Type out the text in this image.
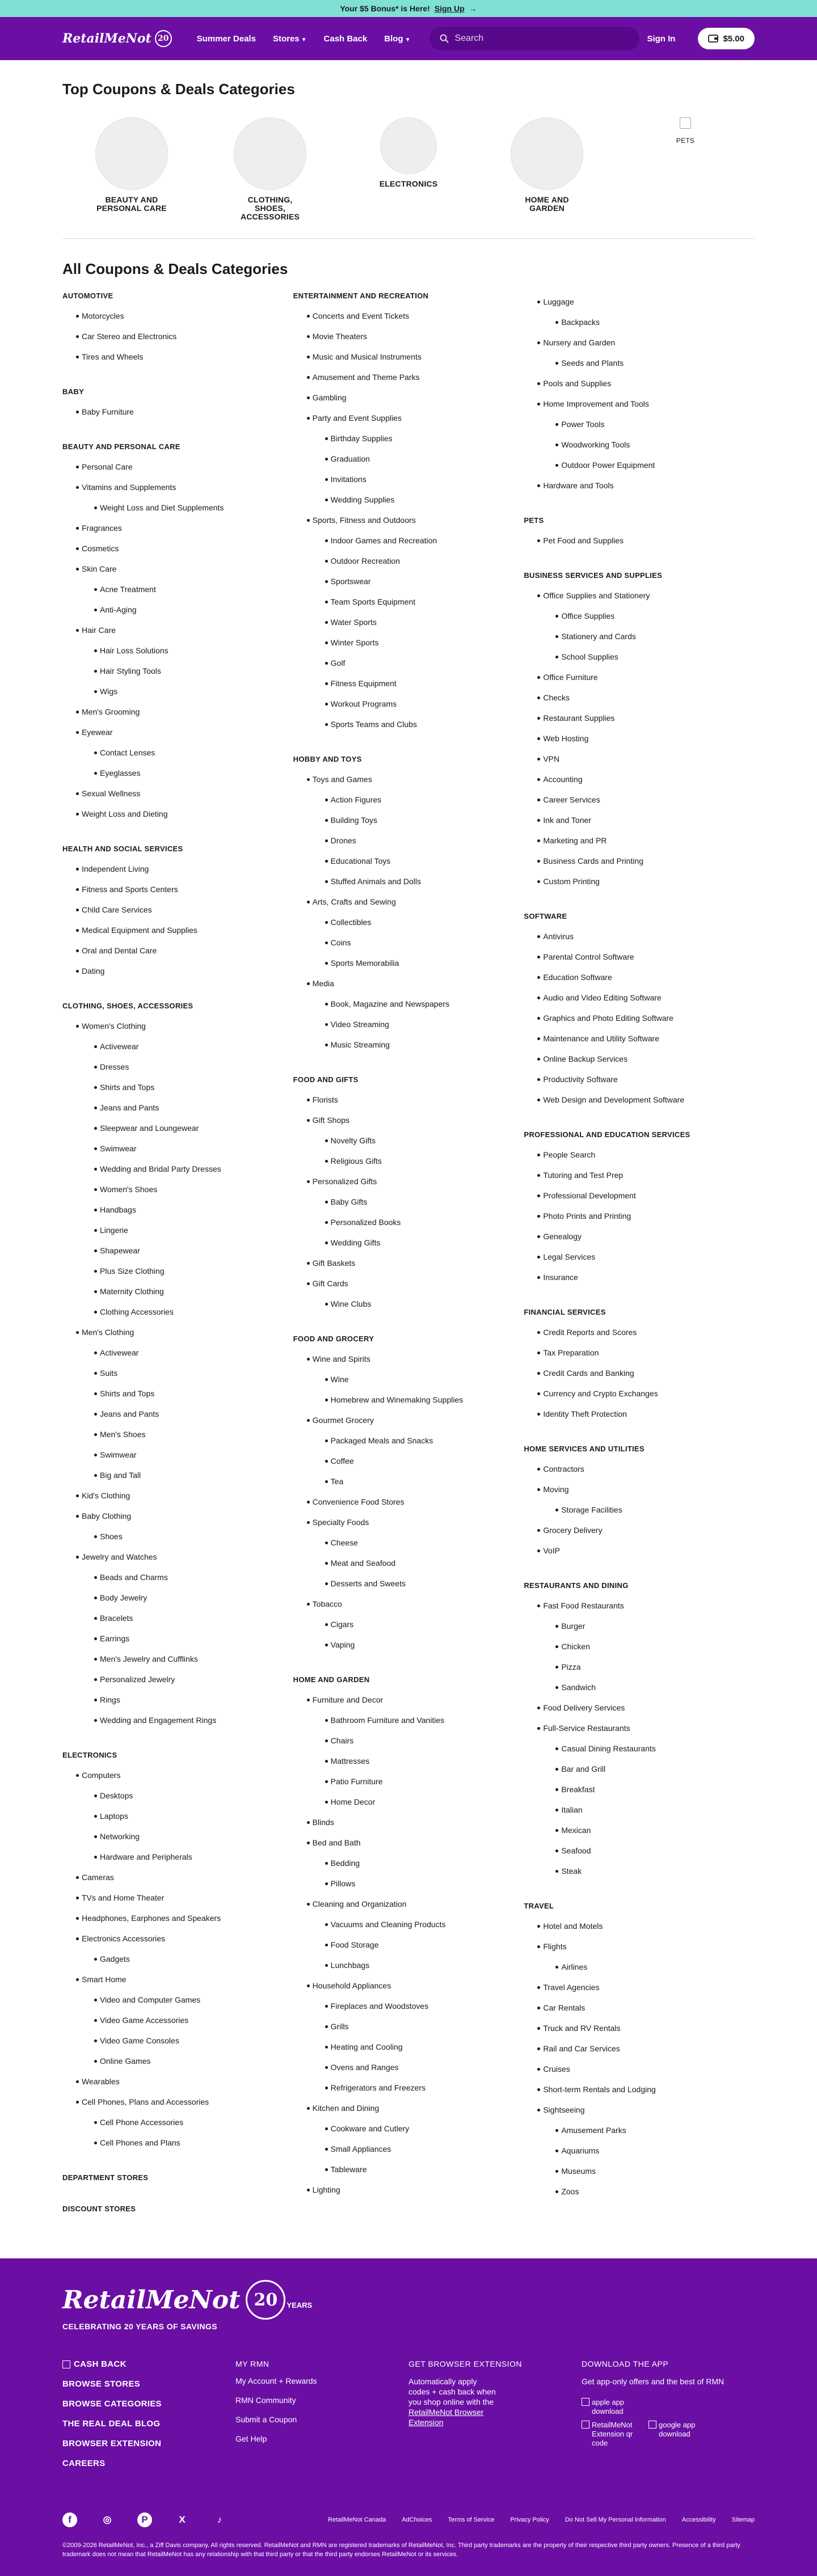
Your $5 Bonus* is Here! Sign Up →
RetailMeNot 20	Summer Deals Stores ▼ Cash Back Blog ▼
Search	Sign In	$5.00
Top Coupons & Deals Categories
BEAUTY AND PERSONAL CARE
CLOTHING, SHOES, ACCESSORIES
ELECTRONICS
HOME AND GARDEN
PETS
All Coupons & Deals Categories
AUTOMOTIVE
Motorcycles
Car Stereo and Electronics
Tires and Wheels
BABY
Baby Furniture
BEAUTY AND PERSONAL CARE
Personal Care
Vitamins and Supplements
Weight Loss and Diet Supplements
Fragrances
Cosmetics
Skin Care
Acne Treatment
Anti-Aging
Hair Care
Hair Loss Solutions
Hair Styling Tools
Wigs
Men's Grooming
Eyewear
Contact Lenses
Eyeglasses
Sexual Wellness
Weight Loss and Dieting
HEALTH AND SOCIAL SERVICES
Independent Living
Fitness and Sports Centers
Child Care Services
Medical Equipment and Supplies
Oral and Dental Care
Dating
CLOTHING, SHOES, ACCESSORIES
Women's Clothing
Activewear
Dresses
Shirts and Tops
Jeans and Pants
Sleepwear and Loungewear
Swimwear
Wedding and Bridal Party Dresses
Women's Shoes
Handbags
Lingerie
Shapewear
Plus Size Clothing
Maternity Clothing
Clothing Accessories
Men's Clothing
Activewear
Suits
Shirts and Tops
Jeans and Pants
Men's Shoes
Swimwear
Big and Tall
Kid's Clothing
Baby Clothing
Shoes
Jewelry and Watches
Beads and Charms
Body Jewelry
Bracelets
Earrings
Men's Jewelry and Cufflinks
Personalized Jewelry
Rings
Wedding and Engagement Rings
ELECTRONICS
Computers
Desktops
Laptops
Networking
Hardware and Peripherals
Cameras
TVs and Home Theater
Headphones, Earphones and Speakers
Electronics Accessories
Gadgets
Smart Home
Video and Computer Games
Video Game Accessories
Video Game Consoles
Online Games
Wearables
Cell Phones, Plans and Accessories
Cell Phone Accessories
Cell Phones and Plans
DEPARTMENT STORES
DISCOUNT STORES
ENTERTAINMENT AND RECREATION
Concerts and Event Tickets
Movie Theaters
Music and Musical Instruments
Amusement and Theme Parks
Gambling
Party and Event Supplies
Birthday Supplies
Graduation
Invitations
Wedding Supplies
Sports, Fitness and Outdoors
Indoor Games and Recreation
Outdoor Recreation
Sportswear
Team Sports Equipment
Water Sports
Winter Sports
Golf
Fitness Equipment
Workout Programs
Sports Teams and Clubs
HOBBY AND TOYS
Toys and Games
Action Figures
Building Toys
Drones
Educational Toys
Stuffed Animals and Dolls
Arts, Crafts and Sewing
Collectibles
Coins
Sports Memorabilia
Media
Book, Magazine and Newspapers
Video Streaming
Music Streaming
FOOD AND GIFTS
Florists
Gift Shops
Novelty Gifts
Religious Gifts
Personalized Gifts
Baby Gifts
Personalized Books
Wedding Gifts
Gift Baskets
Gift Cards
Wine Clubs
FOOD AND GROCERY
Wine and Spirits
Wine
Homebrew and Winemaking Supplies
Gourmet Grocery
Packaged Meals and Snacks
Coffee
Tea
Convenience Food Stores
Specialty Foods
Cheese
Meat and Seafood
Desserts and Sweets
Tobacco
Cigars
Vaping
HOME AND GARDEN
Furniture and Decor
Bathroom Furniture and Vanities
Chairs
Mattresses
Patio Furniture
Home Decor
Blinds
Bed and Bath
Bedding
Pillows
Cleaning and Organization
Vacuums and Cleaning Products
Food Storage
Lunchbags
Household Appliances
Fireplaces and Woodstoves
Grills
Heating and Cooling
Ovens and Ranges
Refrigerators and Freezers
Kitchen and Dining
Cookware and Cutlery
Small Appliances
Tableware
Lighting
Luggage
Backpacks
Nursery and Garden
Seeds and Plants
Pools and Supplies
Home Improvement and Tools
Power Tools
Woodworking Tools
Outdoor Power Equipment
Hardware and Tools
PETS
Pet Food and Supplies
BUSINESS SERVICES AND SUPPLIES
Office Supplies and Stationery
Office Supplies
Stationery and Cards
School Supplies
Office Furniture
Checks
Restaurant Supplies
Web Hosting
VPN
Accounting
Career Services
Ink and Toner
Marketing and PR
Business Cards and Printing
Custom Printing
SOFTWARE
Antivirus
Parental Control Software
Education Software
Audio and Video Editing Software
Graphics and Photo Editing Software
Maintenance and Utility Software
Online Backup Services
Productivity Software
Web Design and Development Software
PROFESSIONAL AND EDUCATION SERVICES
People Search
Tutoring and Test Prep
Professional Development
Photo Prints and Printing
Genealogy
Legal Services
Insurance
FINANCIAL SERVICES
Credit Reports and Scores
Tax Preparation
Credit Cards and Banking
Currency and Crypto Exchanges
Identity Theft Protection
HOME SERVICES AND UTILITIES
Contractors
Moving
Storage Facilities
Grocery Delivery
VoIP
RESTAURANTS AND DINING
Fast Food Restaurants
Burger
Chicken
Pizza
Sandwich
Food Delivery Services
Full-Service Restaurants
Casual Dining Restaurants
Bar and Grill
Breakfast
Italian
Mexican
Seafood
Steak
TRAVEL
Hotel and Motels
Flights
Airlines
Travel Agencies
Car Rentals
Truck and RV Rentals
Rail and Car Services
Cruises
Short-term Rentals and Lodging
Sightseeing
Amusement Parks
Aquariums
Museums
Zoos
RetailMeNot 20	YEARS
CELEBRATING 20 YEARS OF SAVINGS
CASH BACK
BROWSE STORES
BROWSE CATEGORIES
THE REAL DEAL BLOG
BROWSER EXTENSION
CAREERS
MY RMN
My Account + Rewards
RMN Community
Submit a Coupon
Get Help
GET BROWSER EXTENSION

Automatically apply codes + cash back when you shop online with the RetailMeNot Browser Extension

DOWNLOAD THE APP

Get app-only offers and the best of RMN

apple app download
RetailMeNot Extension qr code
google app download
f	◎	P	X	♪	RetailMeNot Canada	AdChoices	Terms of Service	Privacy Policy	Do Not Sell My Personal Information	Accessibility	Sitemap
©2009-2026 RetailMeNot, Inc., a Ziff Davis company. All rights reserved. RetailMeNot and RMN are registered trademarks of RetailMeNot, Inc. Third party trademarks are the property of their respective third party owners. Presence of a third party trademark does not mean that RetailMeNot has any relationship with that third party or that the third party endorses RetailMeNot or its services.
